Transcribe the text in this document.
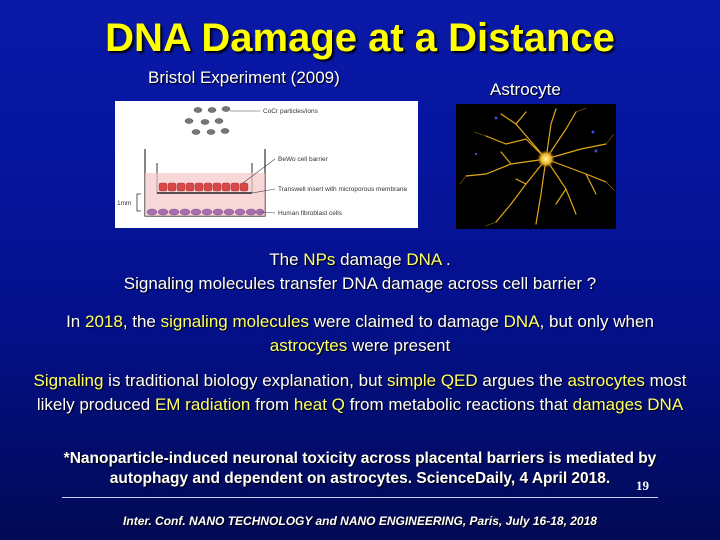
DNA Damage at a Distance
Bristol Experiment (2009)
Astrocyte
CoCr particles/ions
BeWo cell barrier
Transwell insert with microporous membrane
Human fibroblast cells
1mm
The NPs damage DNA .
Signaling molecules transfer DNA damage across cell barrier ?
In 2018, the signaling molecules were claimed to damage DNA, but only when astrocytes were present
Signaling is traditional biology explanation, but simple QED argues the astrocytes most likely produced EM radiation from heat Q from metabolic reactions that damages DNA
*Nanoparticle-induced neuronal toxicity across placental barriers is mediated by
autophagy and dependent on astrocytes. ScienceDaily, 4 April 2018.	19
Inter. Conf. NANO TECHNOLOGY and NANO ENGINEERING, Paris, July 16-18, 2018
